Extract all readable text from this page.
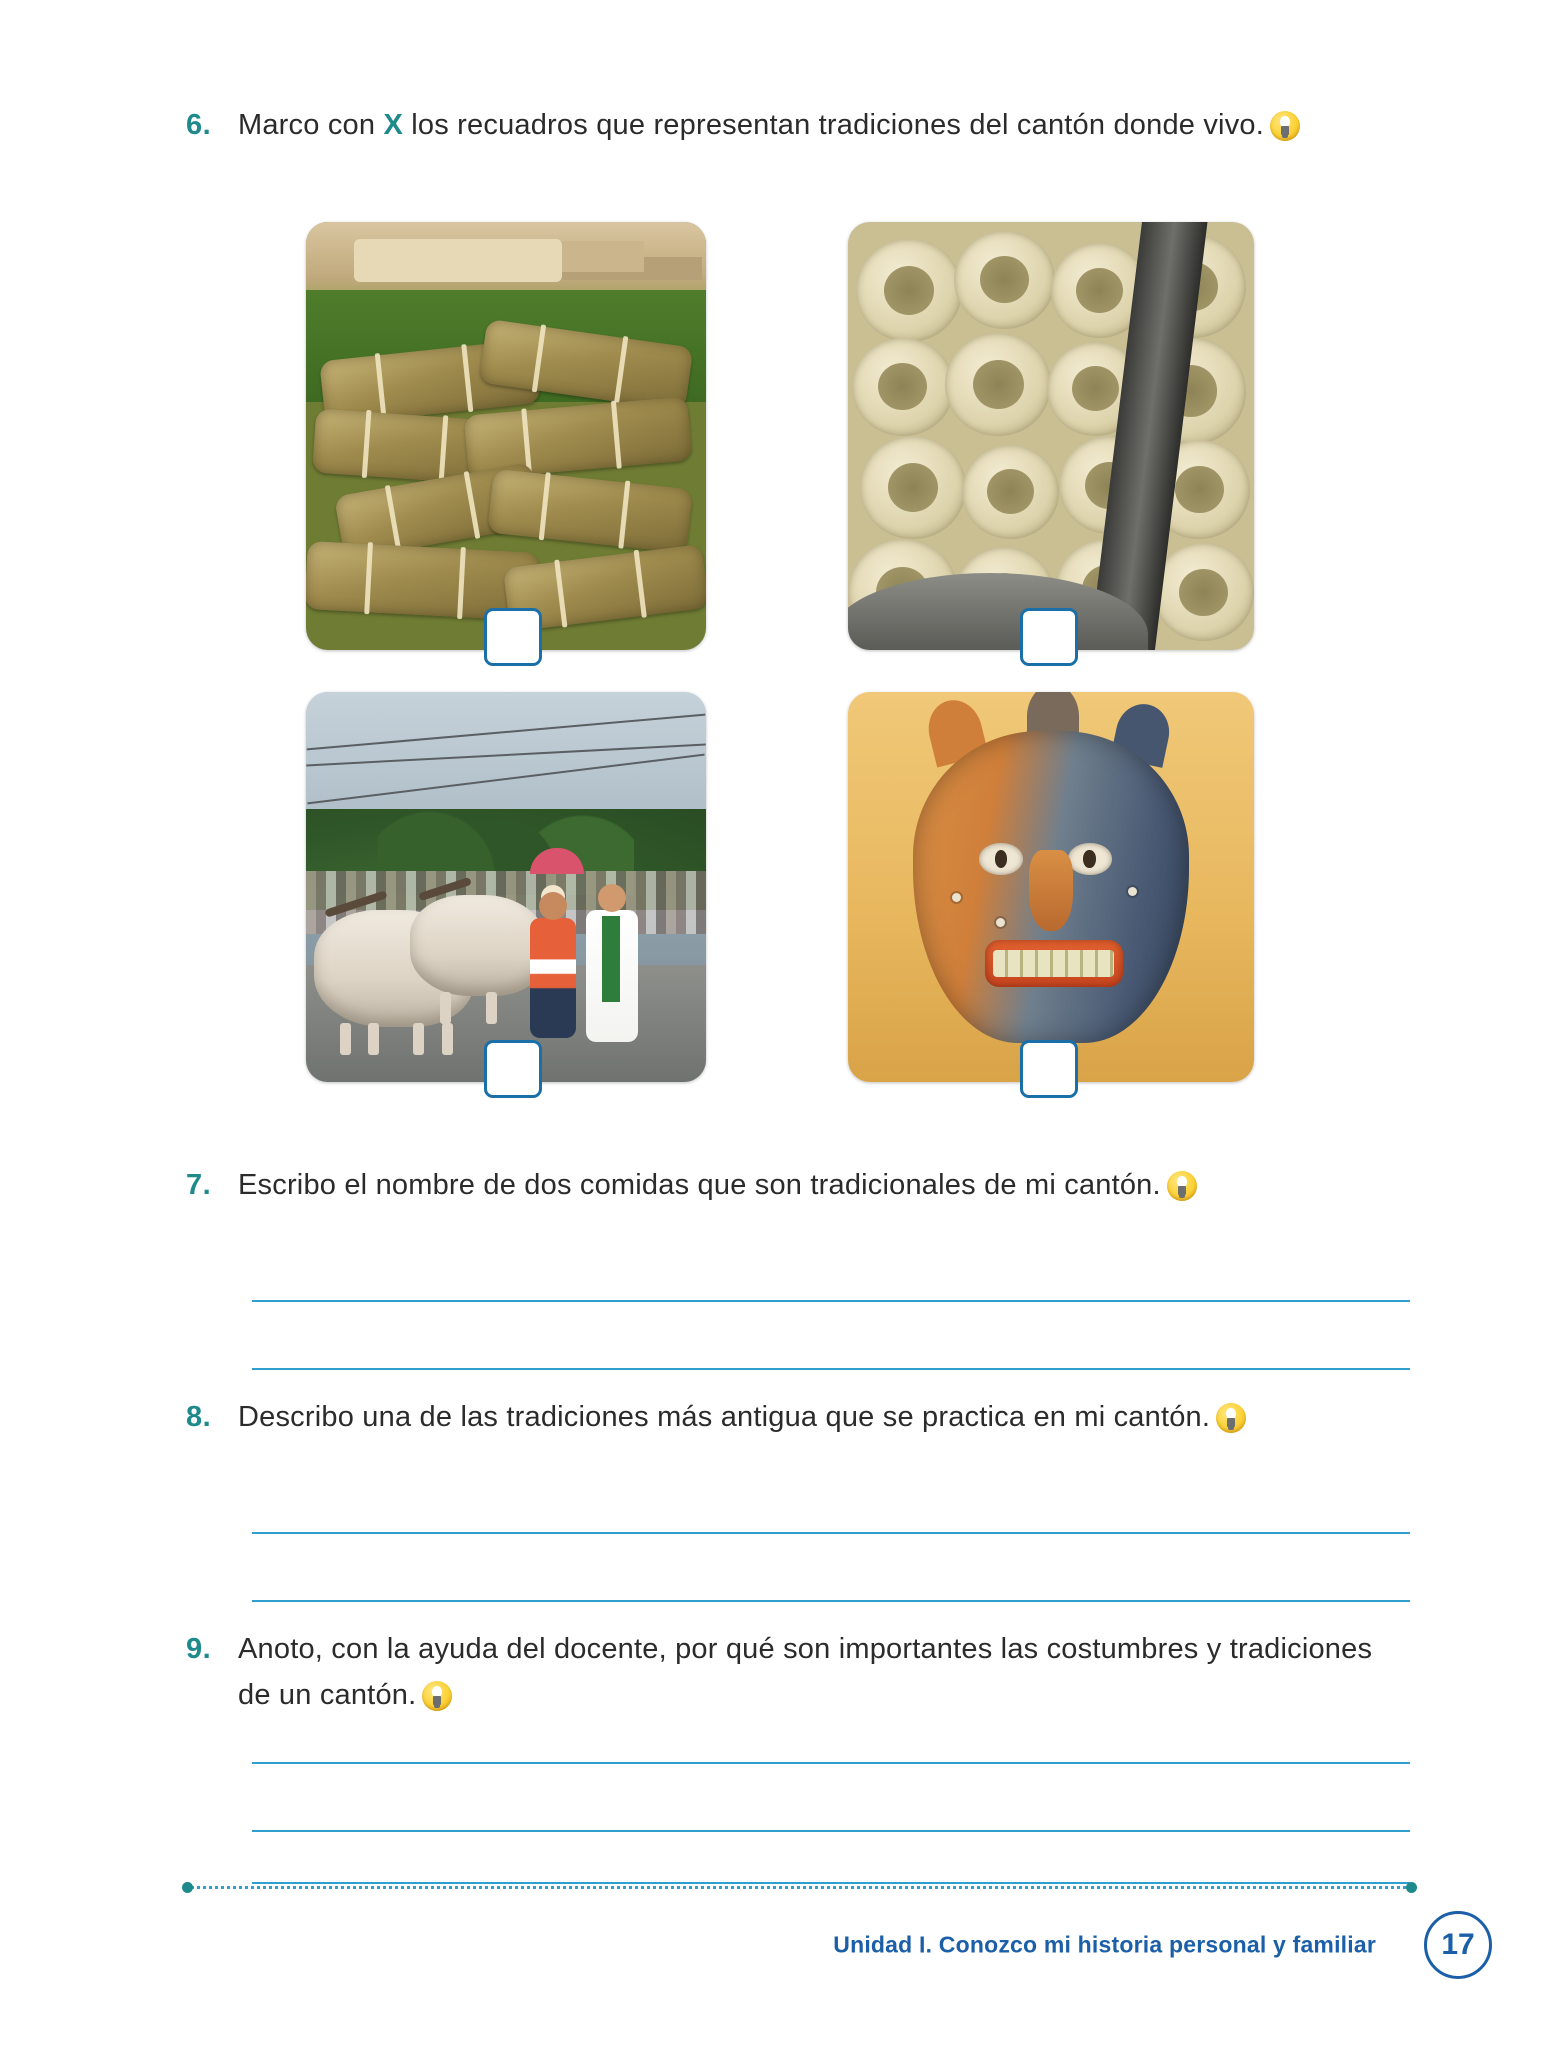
6. Marco con X los recuadros que representan tradiciones del cantón donde vivo.
7. Escribo el nombre de dos comidas que son tradicionales de mi cantón.
8. Describo una de las tradiciones más antigua que se practica en mi cantón.
9. Anoto, con la ayuda del docente, por qué son importantes las costumbres y tradiciones de un cantón.
Unidad I. Conozco mi historia personal y familiar	17
